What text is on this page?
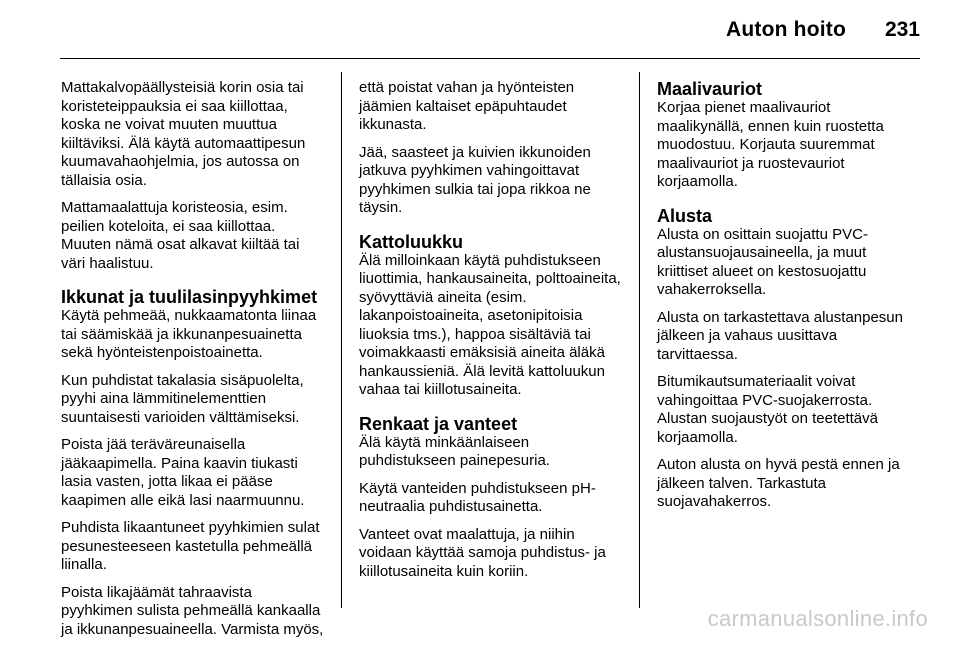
Auton hoito 231

Mattakalvopäällysteisiä korin osia tai koristeteippauksia ei saa kiillottaa, koska ne voivat muuten muuttua kiiltäviksi. Älä käytä automaattipesun kuumavahaohjelmia, jos autossa on tällaisia osia.

Mattamaalattuja koristeosia, esim. peilien koteloita, ei saa kiillottaa. Muuten nämä osat alkavat kiiltää tai väri haalistuu.

Ikkunat ja tuulilasinpyyhkimet

Käytä pehmeää, nukkaamatonta liinaa tai säämiskää ja ikkunanpesuainetta sekä hyönteistenpoistoainetta.

Kun puhdistat takalasia sisäpuolelta, pyyhi aina lämmitinelementtien suuntaisesti varioiden välttämiseksi.

Poista jää teräväreunaisella jääkaapimella. Paina kaavin tiukasti lasia vasten, jotta likaa ei pääse kaapimen alle eikä lasi naarmuunnu.

Puhdista likaantuneet pyyhkimien sulat pesunesteeseen kastetulla pehmeällä liinalla.

Poista likajäämät tahraavista pyyhkimen sulista pehmeällä kankaalla ja ikkunanpesuaineella. Varmista myös,

että poistat vahan ja hyönteisten jäämien kaltaiset epäpuhtaudet ikkunasta.

Jää, saasteet ja kuivien ikkunoiden jatkuva pyyhkimen vahingoittavat pyyhkimen sulkia tai jopa rikkoa ne täysin.

Kattoluukku

Älä milloinkaan käytä puhdistukseen liuottimia, hankausaineita, polttoaineita, syövyttäviä aineita (esim. lakanpoistoaineita, asetonipitoisia liuoksia tms.), happoa sisältäviä tai voimakkaasti emäksisiä aineita äläkä hankaussieniä. Älä levitä kattoluukun vahaa tai kiillotusaineita.

Renkaat ja vanteet

Älä käytä minkäänlaiseen puhdistukseen painepesuria.

Käytä vanteiden puhdistukseen pH-neutraalia puhdistusainetta.

Vanteet ovat maalattuja, ja niihin voidaan käyttää samoja puhdistus- ja kiillotusaineita kuin koriin.

Maalivauriot

Korjaa pienet maalivauriot maalikynällä, ennen kuin ruostetta muodostuu. Korjauta suuremmat maalivauriot ja ruostevauriot korjaamolla.

Alusta

Alusta on osittain suojattu PVC-alustansuojausaineella, ja muut kriittiset alueet on kestosuojattu vahakerroksella.

Alusta on tarkastettava alustanpesun jälkeen ja vahaus uusittava tarvittaessa.

Bitumikautsumateriaalit voivat vahingoittaa PVC-suojakerrosta. Alustan suojaustyöt on teetettävä korjaamolla.

Auton alusta on hyvä pestä ennen ja jälkeen talven. Tarkastuta suojavahakerros.

carmanualsonline.info
